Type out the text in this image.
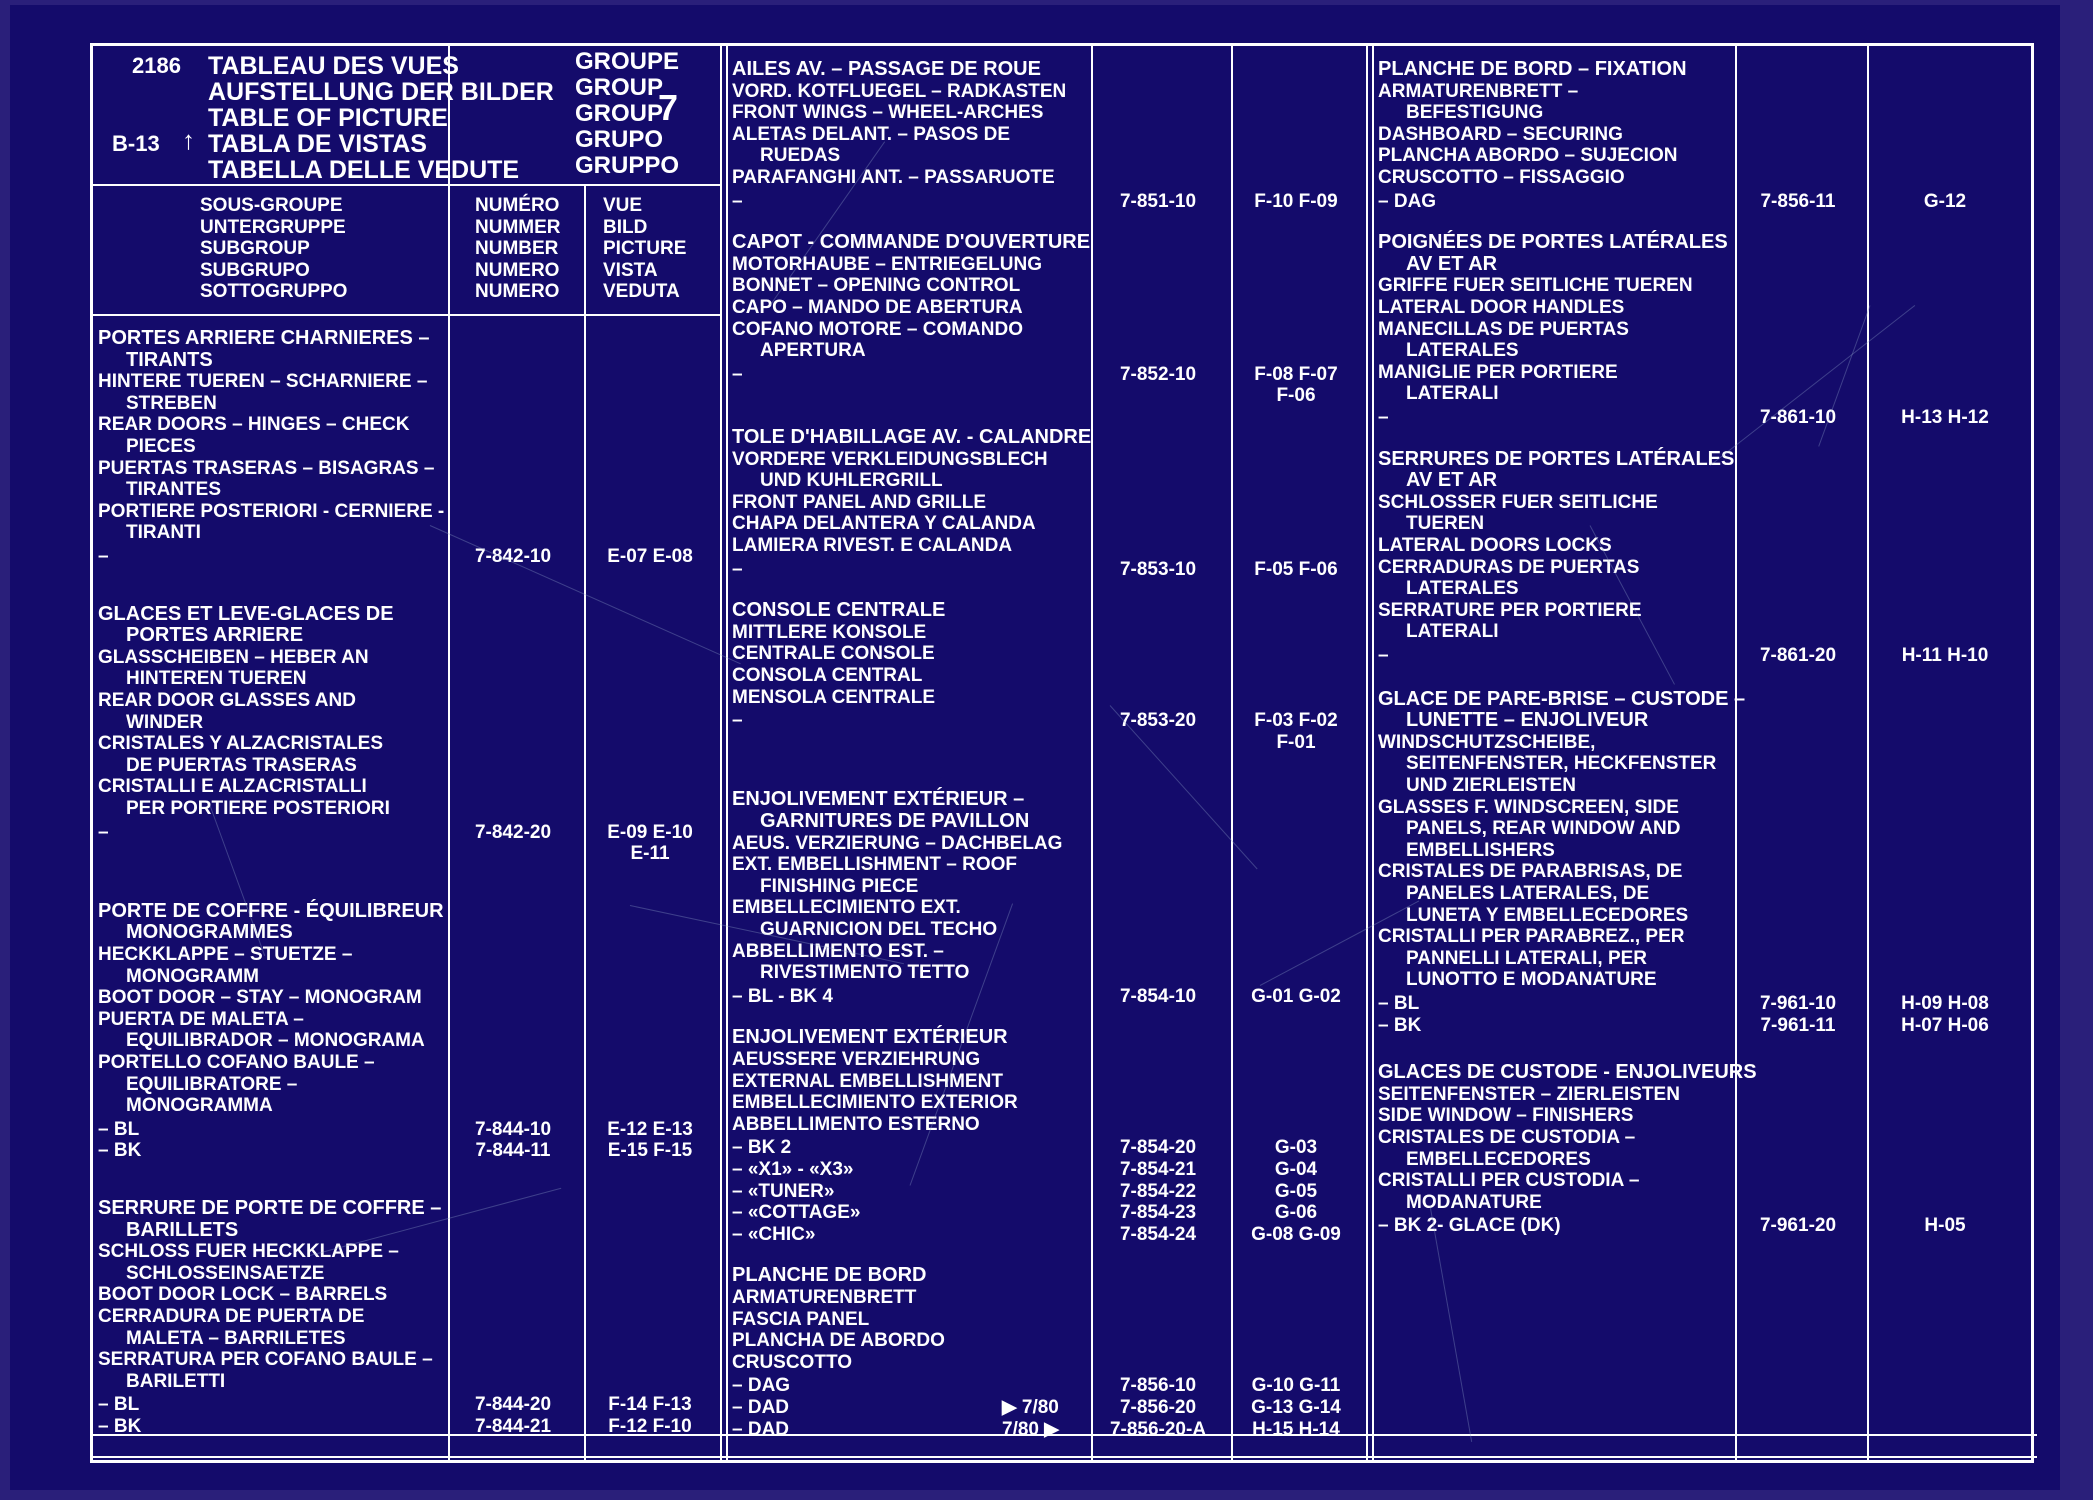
2186
B-13 ↑
TABLEAU DES VUES
AUFSTELLUNG DER BILDER
TABLE OF PICTURE
TABLA DE VISTAS
TABELLA DELLE VEDUTE
GROUPE
GROUP
GROUP
GRUPO
GRUPPO
7
SOUS-GROUPE
UNTERGRUPPE
SUBGROUP
SUBGRUPO
SOTTOGRUPPO
NUMÉRO
NUMMER
NUMBER
NUMERO
NUMERO
VUE
BILD
PICTURE
VISTA
VEDUTA
PORTES ARRIERE CHARNIERES –
TIRANTS
HINTERE TUEREN – SCHARNIERE –
STREBEN
REAR DOORS – HINGES – CHECK
PIECES
PUERTAS TRASERAS – BISAGRAS –
TIRANTES
PORTIERE POSTERIORI - CERNIERE -
TIRANTI
–	7-842-10	E-07 E-08
GLACES ET LEVE-GLACES DE
PORTES ARRIERE
GLASSCHEIBEN – HEBER AN
HINTEREN TUEREN
REAR DOOR GLASSES AND
WINDER
CRISTALES Y ALZACRISTALES
DE PUERTAS TRASERAS
CRISTALLI E ALZACRISTALLI
PER PORTIERE POSTERIORI
–	7-842-20	E-09 E-10
E-11
PORTE DE COFFRE - ÉQUILIBREUR
MONOGRAMMES
HECKKLAPPE – STUETZE –
MONOGRAMM
BOOT DOOR – STAY – MONOGRAM
PUERTA DE MALETA –
EQUILIBRADOR – MONOGRAMA
PORTELLO COFANO BAULE –
EQUILIBRATORE –
MONOGRAMMA
– BL	7-844-10	E-12 E-13
– BK	7-844-11	E-15 F-15
SERRURE DE PORTE DE COFFRE –
BARILLETS
SCHLOSS FUER HECKKLAPPE –
SCHLOSSEINSAETZE
BOOT DOOR LOCK – BARRELS
CERRADURA DE PUERTA DE
MALETA – BARRILETES
SERRATURA PER COFANO BAULE –
BARILETTI
– BL	7-844-20	F-14 F-13
– BK	7-844-21	F-12 F-10
AILES AV. – PASSAGE DE ROUE
VORD. KOTFLUEGEL – RADKASTEN
FRONT WINGS – WHEEL-ARCHES
ALETAS DELANT. – PASOS DE
RUEDAS
PARAFANGHI ANT. – PASSARUOTE
–	7-851-10	F-10 F-09
CAPOT - COMMANDE D'OUVERTURE
MOTORHAUBE – ENTRIEGELUNG
BONNET – OPENING CONTROL
CAPO – MANDO DE ABERTURA
COFANO MOTORE – COMANDO
APERTURA
–	7-852-10	F-08 F-07
F-06
TOLE D'HABILLAGE AV. - CALANDRE
VORDERE VERKLEIDUNGSBLECH
UND KUHLERGRILL
FRONT PANEL AND GRILLE
CHAPA DELANTERA Y CALANDA
LAMIERA RIVEST. E CALANDA
–	7-853-10	F-05 F-06
CONSOLE CENTRALE
MITTLERE KONSOLE
CENTRALE CONSOLE
CONSOLA CENTRAL
MENSOLA CENTRALE
–	7-853-20	F-03 F-02
F-01
ENJOLIVEMENT EXTÉRIEUR –
GARNITURES DE PAVILLON
AEUS. VERZIERUNG – DACHBELAG
EXT. EMBELLISHMENT – ROOF
FINISHING PIECE
EMBELLECIMIENTO EXT.
GUARNICION DEL TECHO
ABBELLIMENTO EST. –
RIVESTIMENTO TETTO
– BL - BK 4	7-854-10	G-01 G-02
ENJOLIVEMENT EXTÉRIEUR
AEUSSERE VERZIEHRUNG
EXTERNAL EMBELLISHMENT
EMBELLECIMIENTO EXTERIOR
ABBELLIMENTO ESTERNO
– BK 2	7-854-20	G-03
– «X1» - «X3»	7-854-21	G-04
– «TUNER»	7-854-22	G-05
– «COTTAGE»	7-854-23	G-06
– «CHIC»	7-854-24	G-08 G-09
PLANCHE DE BORD
ARMATURENBRETT
FASCIA PANEL
PLANCHA DE ABORDO
CRUSCOTTO
– DAG	7-856-10	G-10 G-11
– DAD	▶ 7/80	7-856-20	G-13 G-14
– DAD	7/80 ▶	7-856-20-A	H-15 H-14
PLANCHE DE BORD – FIXATION
ARMATURENBRETT –
BEFESTIGUNG
DASHBOARD – SECURING
PLANCHA ABORDO – SUJECION
CRUSCOTTO – FISSAGGIO
– DAG	7-856-11	G-12
POIGNÉES DE PORTES LATÉRALES
AV ET AR
GRIFFE FUER SEITLICHE TUEREN
LATERAL DOOR HANDLES
MANECILLAS DE PUERTAS
LATERALES
MANIGLIE PER PORTIERE
LATERALI
–	7-861-10	H-13 H-12
SERRURES DE PORTES LATÉRALES
AV ET AR
SCHLOSSER FUER SEITLICHE
TUEREN
LATERAL DOORS LOCKS
CERRADURAS DE PUERTAS
LATERALES
SERRATURE PER PORTIERE
LATERALI
–	7-861-20	H-11 H-10
GLACE DE PARE-BRISE – CUSTODE –
LUNETTE – ENJOLIVEUR
WINDSCHUTZSCHEIBE,
SEITENFENSTER, HECKFENSTER
UND ZIERLEISTEN
GLASSES F. WINDSCREEN, SIDE
PANELS, REAR WINDOW AND
EMBELLISHERS
CRISTALES DE PARABRISAS, DE
PANELES LATERALES, DE
LUNETA Y EMBELLECEDORES
CRISTALLI PER PARABREZ., PER
PANNELLI LATERALI, PER
LUNOTTO E MODANATURE
– BL	7-961-10	H-09 H-08
– BK	7-961-11	H-07 H-06
GLACES DE CUSTODE - ENJOLIVEURS
SEITENFENSTER – ZIERLEISTEN
SIDE WINDOW – FINISHERS
CRISTALES DE CUSTODIA –
EMBELLECEDORES
CRISTALLI PER CUSTODIA –
MODANATURE
– BK 2- GLACE (DK)	7-961-20	H-05
